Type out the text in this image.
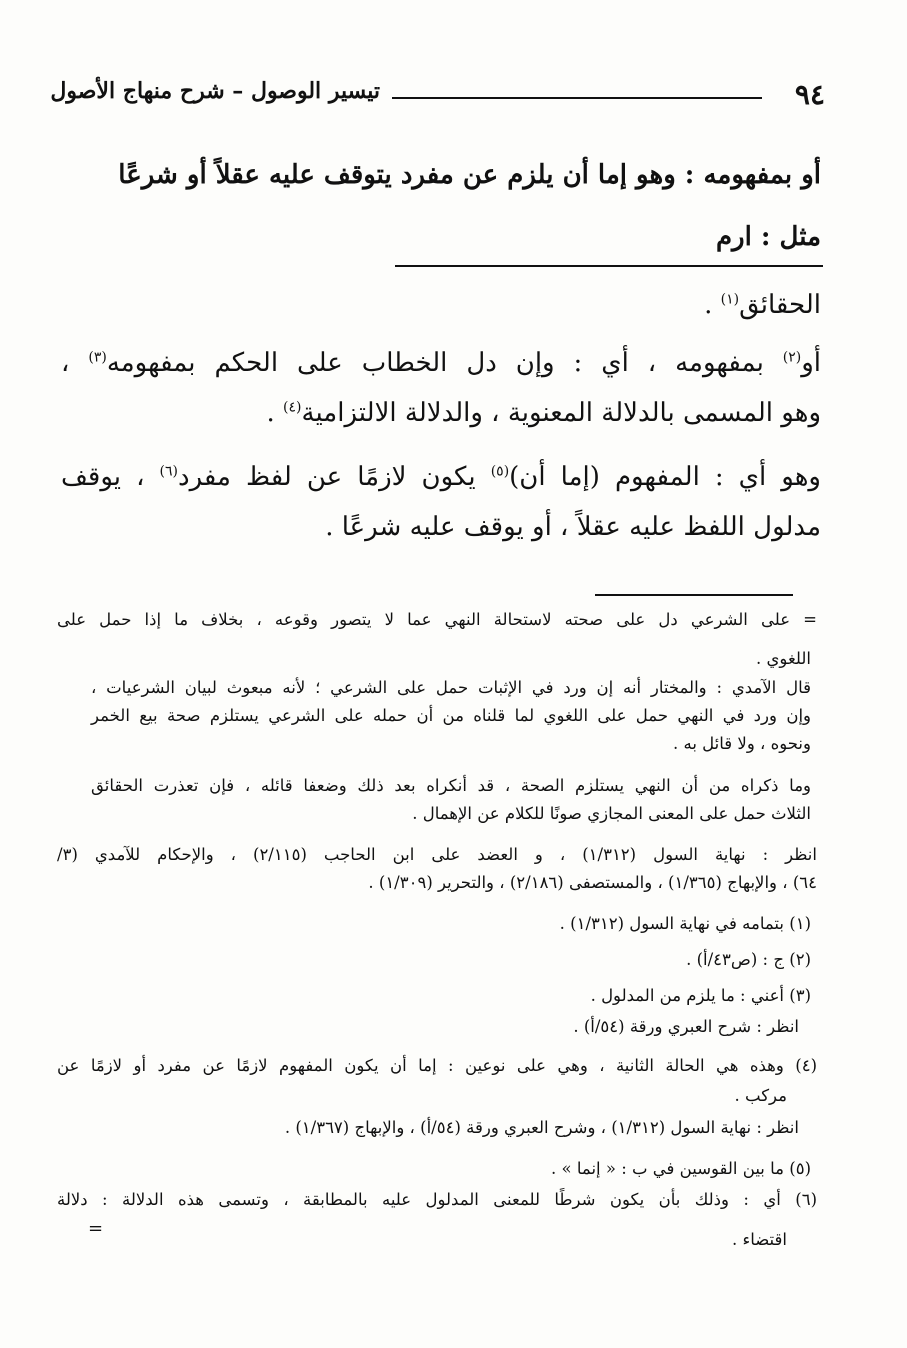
٩٤
تيسير الوصول – شرح منهاج الأصول
أو بمفهومه : وهو إما أن يلزم عن مفرد يتوقف عليه عقلاً أو شرعًا
مثل : ارم
الحقائق$^{(١)}$ .
أو$^{(٢)}$ بمفهومه ، أي : وإن دل الخطاب على الحكم بمفهومه$^{(٣)}$ ،
وهو المسمى بالدلالة المعنوية ، والدلالة الالتزامية$^{(٤)}$ .
وهو أي : المفهوم (إما أن)$^{(٥)}$ يكون لازمًا عن لفظ مفرد$^{(٦)}$ ، يوقف
مدلول اللفظ عليه عقلاً ، أو يوقف عليه شرعًا .
= على الشرعي دل على صحته لاستحالة النهي عما لا يتصور وقوعه ، بخلاف ما إذا حمل على
اللغوي .
قال الآمدي : والمختار أنه إن ورد في الإثبات حمل على الشرعي ؛ لأنه مبعوث لبيان الشرعيات ،
وإن ورد في النهي حمل على اللغوي لما قلناه من أن حمله على الشرعي يستلزم صحة بيع الخمر
ونحوه ، ولا قائل به .
وما ذكراه من أن النهي يستلزم الصحة ، قد أنكراه بعد ذلك وضعفا قائله ، فإن تعذرت الحقائق
الثلاث حمل على المعنى المجازي صونًا للكلام عن الإهمال .
انظر : نهاية السول (١/٣١٢) ، و العضد على ابن الحاجب (٢/١١٥) ، والإحكام للآمدي (٣/
٦٤) ، والإبهاج (١/٣٦٥) ، والمستصفى (٢/١٨٦) ، والتحرير (١/٣٠٩) .
(١) بتمامه في نهاية السول (١/٣١٢) .
(٢) ج : (ص٤٣/أ) .
(٣) أعني : ما يلزم من المدلول .
انظر : شرح العبري ورقة (٥٤/أ) .
(٤) وهذه هي الحالة الثانية ، وهي على نوعين : إما أن يكون المفهوم لازمًا عن مفرد أو لازمًا عن
مركب .
انظر : نهاية السول (١/٣١٢) ، وشرح العبري ورقة (٥٤/أ) ، والإبهاج (١/٣٦٧) .
(٥) ما بين القوسين في ب : « إنما » .
(٦) أي : وذلك بأن يكون شرطًا للمعنى المدلول عليه بالمطابقة ، وتسمى هذه الدلالة : دلالة
اقتضاء .
=
